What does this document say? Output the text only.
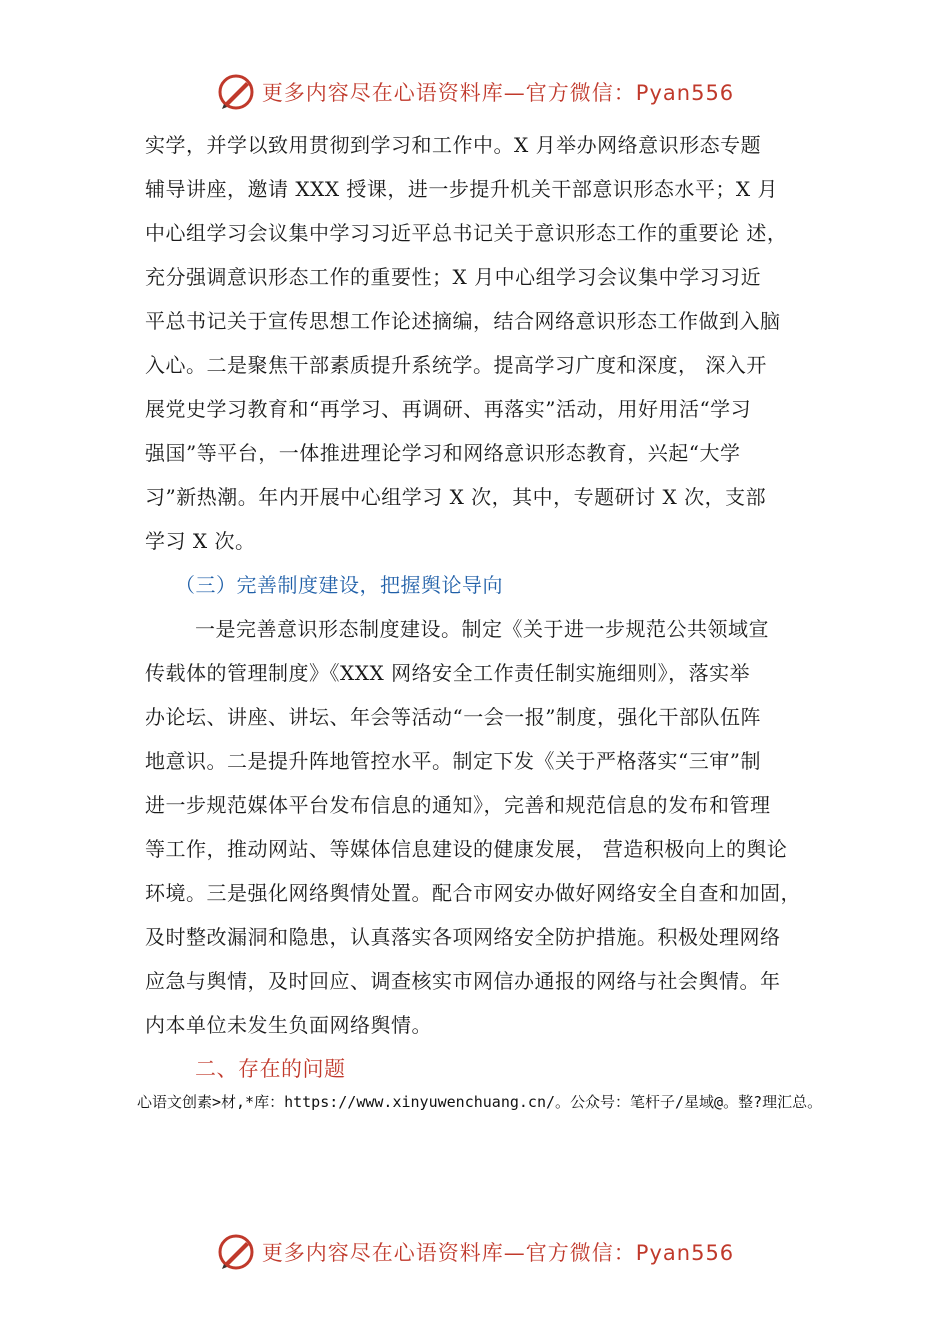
更多内容尽在心语资料库—官方微信：Pyan556
实学，并学以致用贯彻到学习和工作中。X 月举办网络意识形态专题
辅导讲座，邀请 XXX 授课，进一步提升机关干部意识形态水平；X 月
中心组学习会议集中学习习近平总书记关于意识形态工作的重要论 述，
充分强调意识形态工作的重要性；X 月中心组学习会议集中学习习近
平总书记关于宣传思想工作论述摘编，结合网络意识形态工作做到入脑
入心。二是聚焦干部素质提升系统学。提高学习广度和深度， 深入开
展党史学习教育和“再学习、再调研、再落实”活动，用好用活“学习
强国”等平台，一体推进理论学习和网络意识形态教育，兴起“大学
习”新热潮。年内开展中心组学习 X 次，其中，专题研讨 X 次，支部
学习 X 次。
（三）完善制度建设，把握舆论导向
一是完善意识形态制度建设。制定《关于进一步规范公共领域宣
传载体的管理制度》《XXX 网络安全工作责任制实施细则》，落实举
办论坛、讲座、讲坛、年会等活动“一会一报”制度，强化干部队伍阵
地意识。二是提升阵地管控水平。制定下发《关于严格落实“三审”制
进一步规范媒体平台发布信息的通知》，完善和规范信息的发布和管理
等工作，推动网站、等媒体信息建设的健康发展， 营造积极向上的舆论
环境。三是强化网络舆情处置。配合市网安办做好网络安全自查和加固，
及时整改漏洞和隐患，认真落实各项网络安全防护措施。积极处理网络
应急与舆情，及时回应、调查核实市网信办通报的网络与社会舆情。年
内本单位未发生负面网络舆情。
二、存在的问题
心语文创素>材,*库：https://www.xinyuwenchuang.cn/。公众号：笔杆子/星域@。整?理汇总。
更多内容尽在心语资料库—官方微信：Pyan556
